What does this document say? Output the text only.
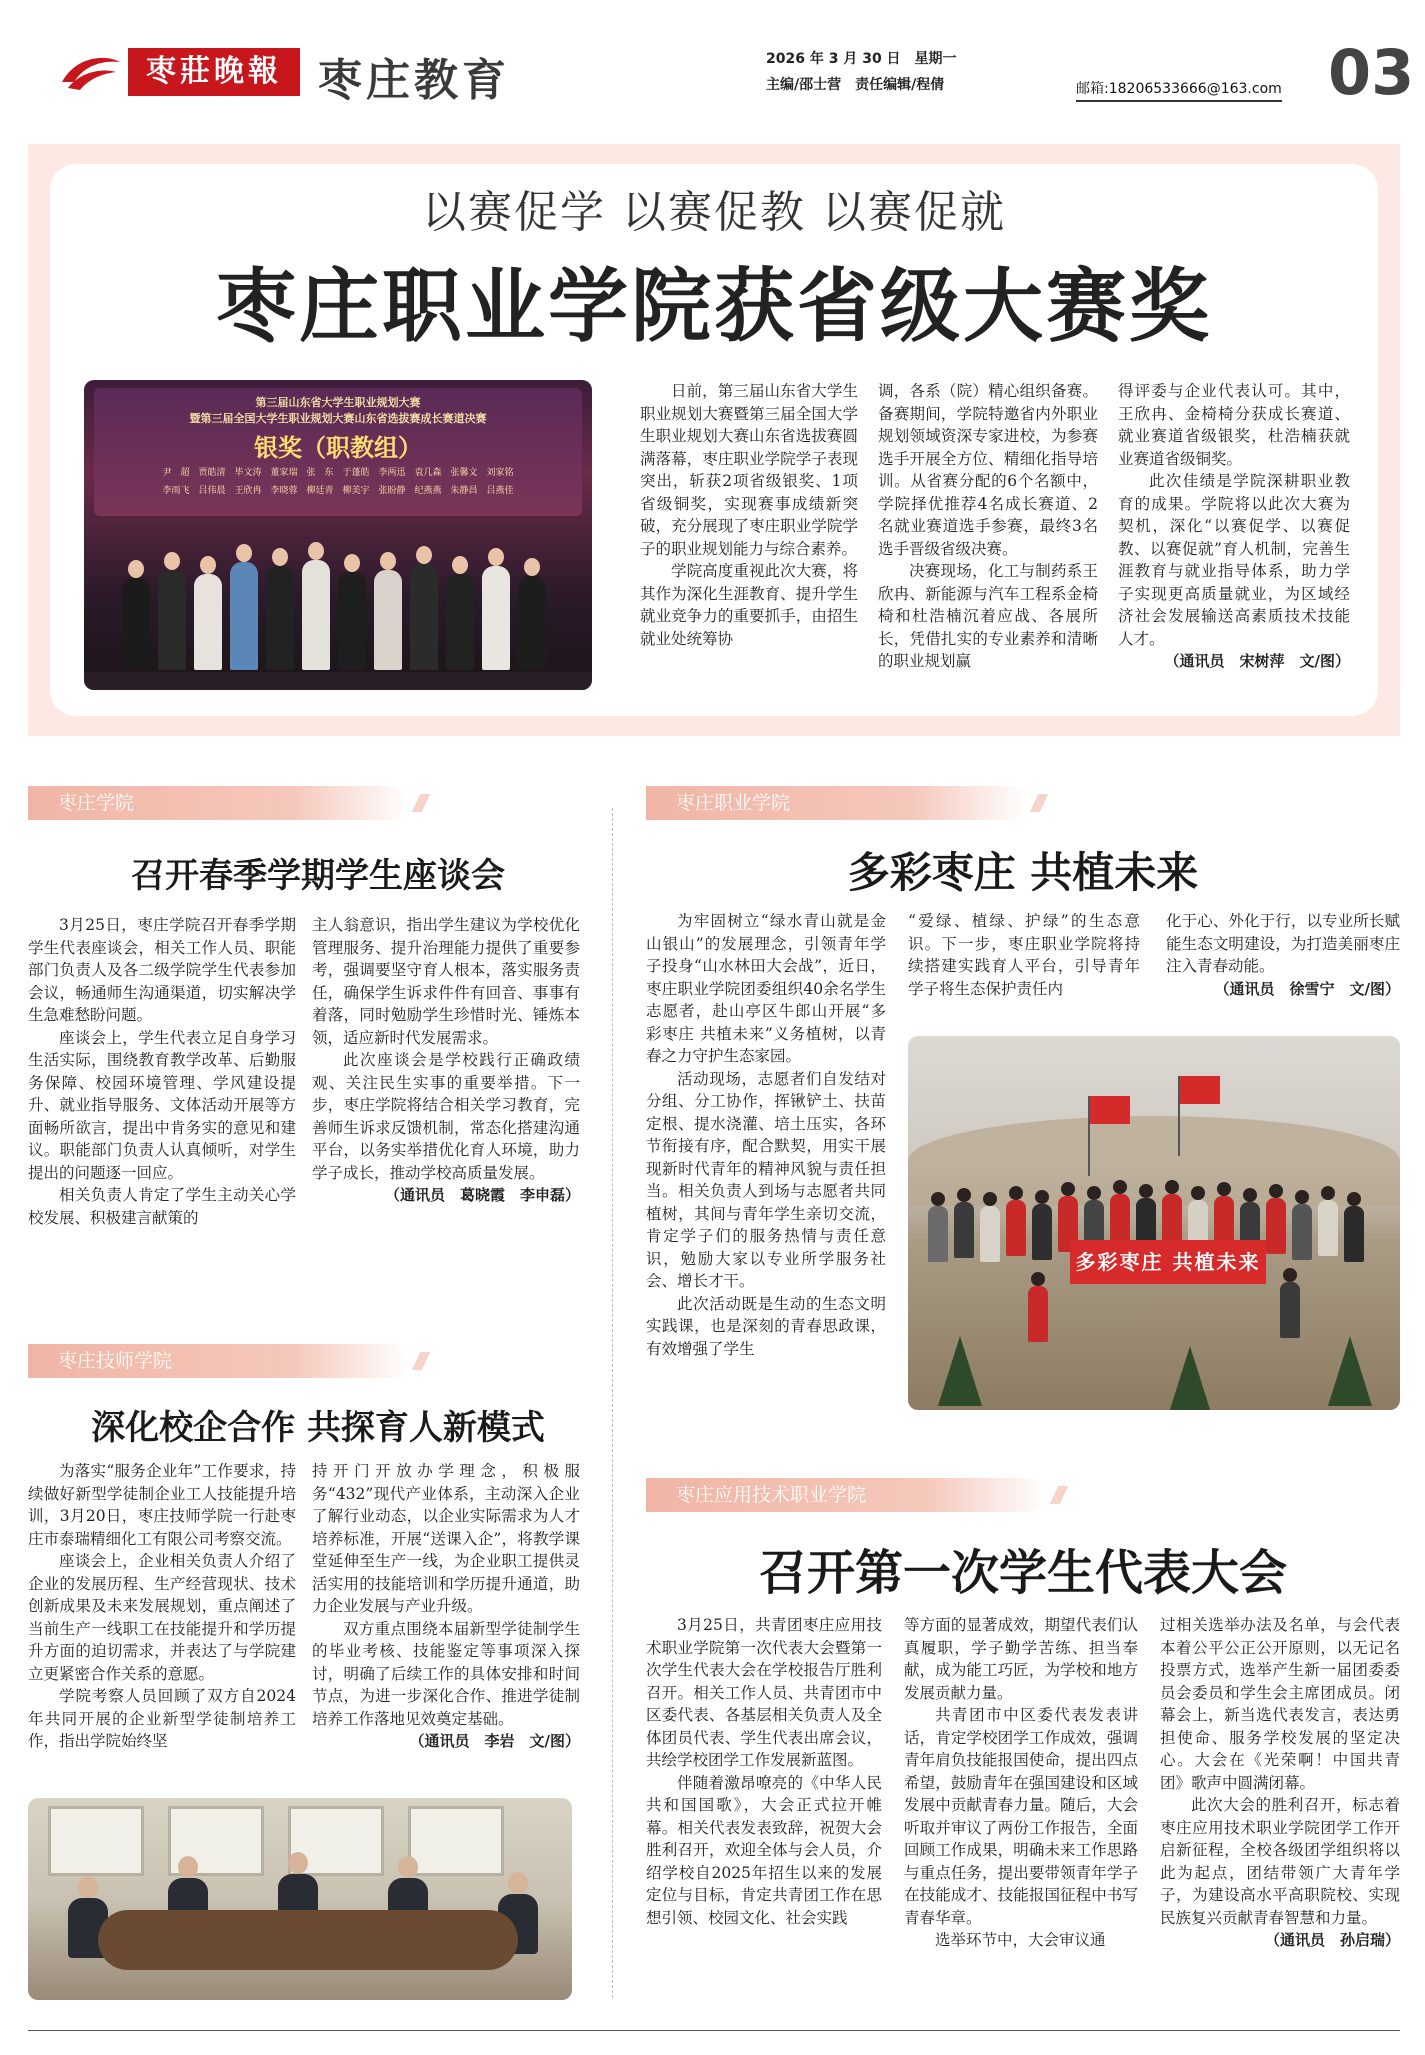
枣莊晚報 枣庄教育	2026 年 3 月 30 日　星期一
主编/邵士营　责任编辑/程倩	邮箱:18206533666@163.com 03
以赛促学 以赛促教 以赛促就
枣庄职业学院获省级大赛奖
第三届山东省大学生职业规划大赛
暨第三届全国大学生职业规划大赛山东省选拔赛成长赛道决赛
银奖（职教组）
尹　超　贾皓清　毕文涛　董家瑞　张　东　于蓬皓　李两迅　袁几森　张馨文　刘家铭
李雨飞　吕伟晨　王欣冉　李晓蓉　柳廷青　柳美宇　张盼静　纪燕燕　朱静昌　吕燕佳

日前，第三届山东省大学生职业规划大赛暨第三届全国大学生职业规划大赛山东省选拔赛圆满落幕，枣庄职业学院学子表现突出，斩获2项省级银奖、1项省级铜奖，实现赛事成绩新突破，充分展现了枣庄职业学院学子的职业规划能力与综合素养。

学院高度重视此次大赛，将其作为深化生涯教育、提升学生就业竞争力的重要抓手，由招生就业处统筹协

调，各系（院）精心组织备赛。备赛期间，学院特邀省内外职业规划领域资深专家进校，为参赛选手开展全方位、精细化指导培训。从省赛分配的6个名额中，学院择优推荐4名成长赛道、2名就业赛道选手参赛，最终3名选手晋级省级决赛。

决赛现场，化工与制药系王欣冉、新能源与汽车工程系金椅椅和杜浩楠沉着应战、各展所长，凭借扎实的专业素养和清晰的职业规划赢

得评委与企业代表认可。其中，王欣冉、金椅椅分获成长赛道、就业赛道省级银奖，杜浩楠获就业赛道省级铜奖。

此次佳绩是学院深耕职业教育的成果。学院将以此次大赛为契机，深化“以赛促学、以赛促教、以赛促就”育人机制，完善生涯教育与就业指导体系，助力学子实现更高质量就业，为区域经济社会发展输送高素质技术技能人才。

（通讯员　宋树萍　文/图）
枣庄学院
召开春季学期学生座谈会

3月25日，枣庄学院召开春季学期学生代表座谈会，相关工作人员、职能部门负责人及各二级学院学生代表参加会议，畅通师生沟通渠道，切实解决学生急难愁盼问题。

座谈会上，学生代表立足自身学习生活实际，围绕教育教学改革、后勤服务保障、校园环境管理、学风建设提升、就业指导服务、文体活动开展等方面畅所欲言，提出中肯务实的意见和建议。职能部门负责人认真倾听，对学生提出的问题逐一回应。

相关负责人肯定了学生主动关心学校发展、积极建言献策的

主人翁意识，指出学生建议为学校优化管理服务、提升治理能力提供了重要参考，强调要坚守育人根本，落实服务责任，确保学生诉求件件有回音、事事有着落，同时勉励学生珍惜时光、锤炼本领，适应新时代发展需求。

此次座谈会是学校践行正确政绩观、关注民生实事的重要举措。下一步，枣庄学院将结合相关学习教育，完善师生诉求反馈机制，常态化搭建沟通平台，以务实举措优化育人环境，助力学子成长，推动学校高质量发展。

（通讯员　葛晓霞　李申磊）
枣庄技师学院
深化校企合作 共探育人新模式

为落实“服务企业年”工作要求，持续做好新型学徒制企业工人技能提升培训，3月20日，枣庄技师学院一行赴枣庄市泰瑞精细化工有限公司考察交流。

座谈会上，企业相关负责人介绍了企业的发展历程、生产经营现状、技术创新成果及未来发展规划，重点阐述了当前生产一线职工在技能提升和学历提升方面的迫切需求，并表达了与学院建立更紧密合作关系的意愿。

学院考察人员回顾了双方自2024年共同开展的企业新型学徒制培养工作，指出学院始终坚

持开门开放办学理念，积极服务“432”现代产业体系，主动深入企业了解行业动态，以企业实际需求为人才培养标准，开展“送课入企”，将教学课堂延伸至生产一线，为企业职工提供灵活实用的技能培训和学历提升通道，助力企业发展与产业升级。

双方重点围绕本届新型学徒制学生的毕业考核、技能鉴定等事项深入探讨，明确了后续工作的具体安排和时间节点，为进一步深化合作、推进学徒制培养工作落地见效奠定基础。

（通讯员　李岩　文/图）
枣庄职业学院
多彩枣庄 共植未来

为牢固树立“绿水青山就是金山银山”的发展理念，引领青年学子投身“山水林田大会战”，近日，枣庄职业学院团委组织40余名学生志愿者，赴山亭区牛郎山开展“多彩枣庄 共植未来”义务植树，以青春之力守护生态家园。

活动现场，志愿者们自发结对分组、分工协作，挥锹铲土、扶苗定根、提水浇灌、培土压实，各环节衔接有序，配合默契，用实干展现新时代青年的精神风貌与责任担当。相关负责人到场与志愿者共同植树，其间与青年学生亲切交流，肯定学子们的服务热情与责任意识，勉励大家以专业所学服务社会、增长才干。

此次活动既是生动的生态文明实践课，也是深刻的青春思政课，有效增强了学生

“爱绿、植绿、护绿”的生态意识。下一步，枣庄职业学院将持续搭建实践育人平台，引导青年学子将生态保护责任内

化于心、外化于行，以专业所长赋能生态文明建设，为打造美丽枣庄注入青春动能。

（通讯员　徐雪宁　文/图）
多彩枣庄 共植未来
枣庄应用技术职业学院
召开第一次学生代表大会

3月25日，共青团枣庄应用技术职业学院第一次代表大会暨第一次学生代表大会在学校报告厅胜利召开。相关工作人员、共青团市中区委代表、各基层相关负责人及全体团员代表、学生代表出席会议，共绘学校团学工作发展新蓝图。

伴随着激昂嘹亮的《中华人民共和国国歌》，大会正式拉开帷幕。相关代表发表致辞，祝贺大会胜利召开，欢迎全体与会人员，介绍学校自2025年招生以来的发展定位与目标，肯定共青团工作在思想引领、校园文化、社会实践

等方面的显著成效，期望代表们认真履职，学子勤学苦练、担当奉献，成为能工巧匠，为学校和地方发展贡献力量。

共青团市中区委代表发表讲话，肯定学校团学工作成效，强调青年肩负技能报国使命，提出四点希望，鼓励青年在强国建设和区域发展中贡献青春力量。随后，大会听取并审议了两份工作报告，全面回顾工作成果，明确未来工作思路与重点任务，提出要带领青年学子在技能成才、技能报国征程中书写青春华章。

选举环节中，大会审议通

过相关选举办法及名单，与会代表本着公平公正公开原则，以无记名投票方式，选举产生新一届团委委员会委员和学生会主席团成员。闭幕会上，新当选代表发言，表达勇担使命、服务学校发展的坚定决心。大会在《光荣啊！中国共青团》歌声中圆满闭幕。

此次大会的胜利召开，标志着枣庄应用技术职业学院团学工作开启新征程，全校各级团学组织将以此为起点，团结带领广大青年学子，为建设高水平高职院校、实现民族复兴贡献青春智慧和力量。

（通讯员　孙启瑞）
